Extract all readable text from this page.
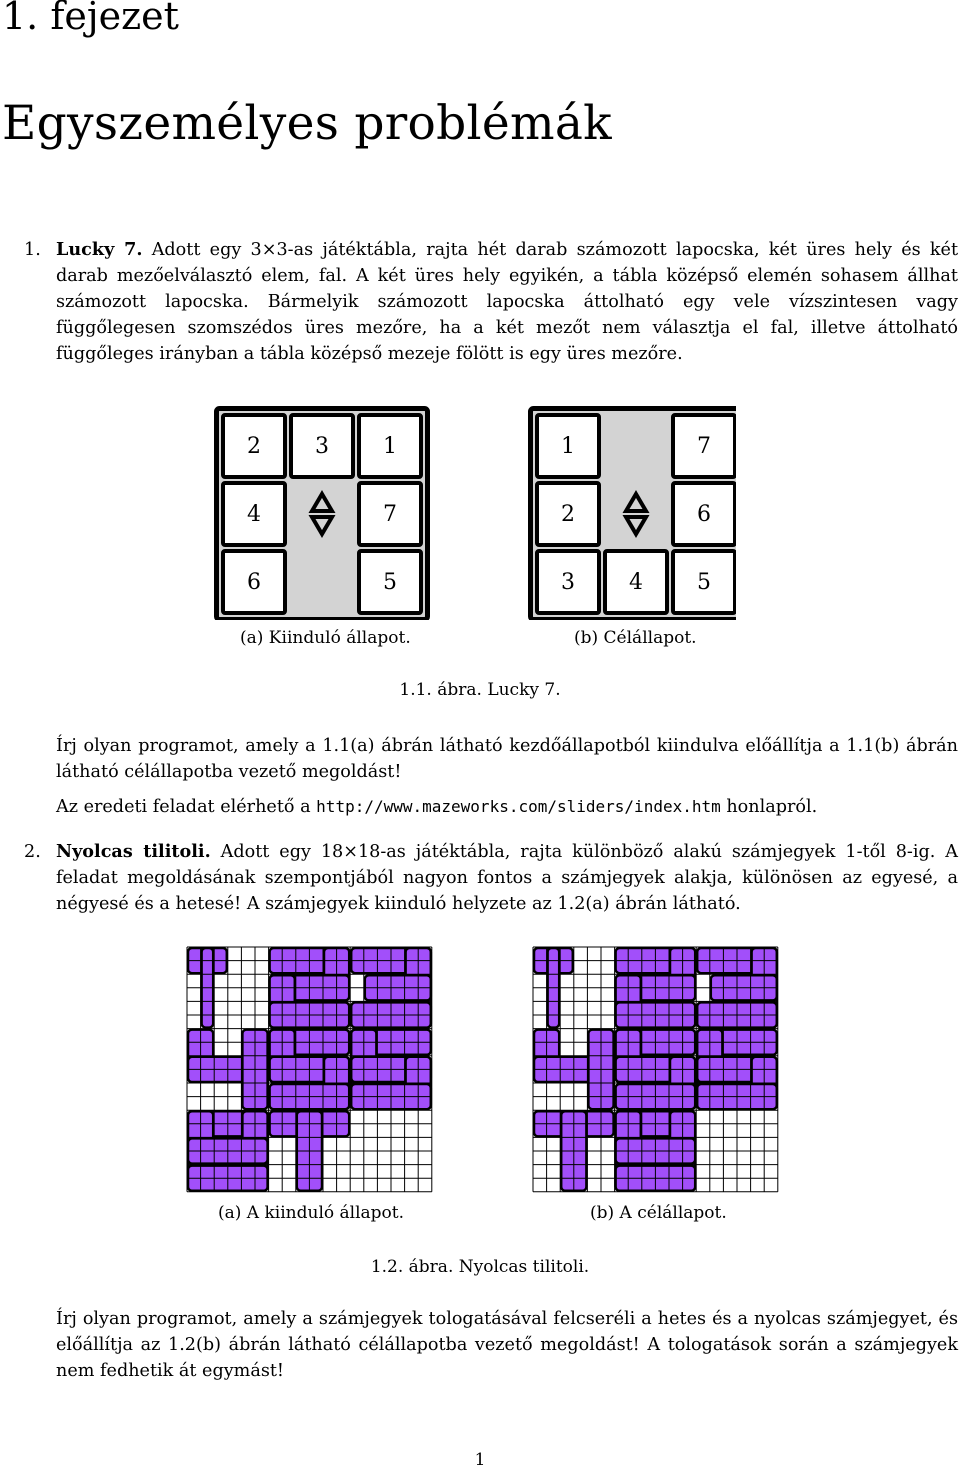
1. fejezet
Egyszemélyes problémák
1. Lucky 7. Adott egy 3×3-as játéktábla, rajta hét darab számozott lapocska, két üres hely és két darab mezőelválasztó elem, fal. A két üres hely egyikén, a tábla középső elemén sohasem állhat számozott lapocska. Bármelyik számozott lapocska áttolható egy vele vízszintesen vagy függőlegesen szomszédos üres mezőre, ha a két mezőt nem választja el fal, illetve áttolható függőleges irányban a tábla középső mezeje fölött is egy üres mezőre.

2 3 1
4	7
6	5
1	7
2	6
3 4 5
(a) Kiinduló állapot.	(b) Célállapot.
1.1. ábra. Lucky 7.

Írj olyan programot, amely a 1.1(a) ábrán látható kezdőállapotból kiindulva előállítja a 1.1(b) ábrán látható célállapotba vezető megoldást!

Az eredeti feladat elérhető a http://www.mazeworks.com/sliders/index.htm honlapról.

2. Nyolcas tilitoli. Adott egy 18×18-as játéktábla, rajta különböző alakú számjegyek 1-től 8-ig. A feladat megoldásának szempontjából nagyon fontos a számjegyek alakja, különösen az egyesé, a négyesé és a hetesé! A számjegyek kiinduló helyzete az 1.2(a) ábrán látható.

(a) A kiinduló állapot.	(b) A célállapot.
1.2. ábra. Nyolcas tilitoli.

Írj olyan programot, amely a számjegyek tologatásával felcseréli a hetes és a nyolcas számjegyet, és előállítja az 1.2(b) ábrán látható célállapotba vezető megoldást! A tologatások során a számjegyek nem fedhetik át egymást!

1
